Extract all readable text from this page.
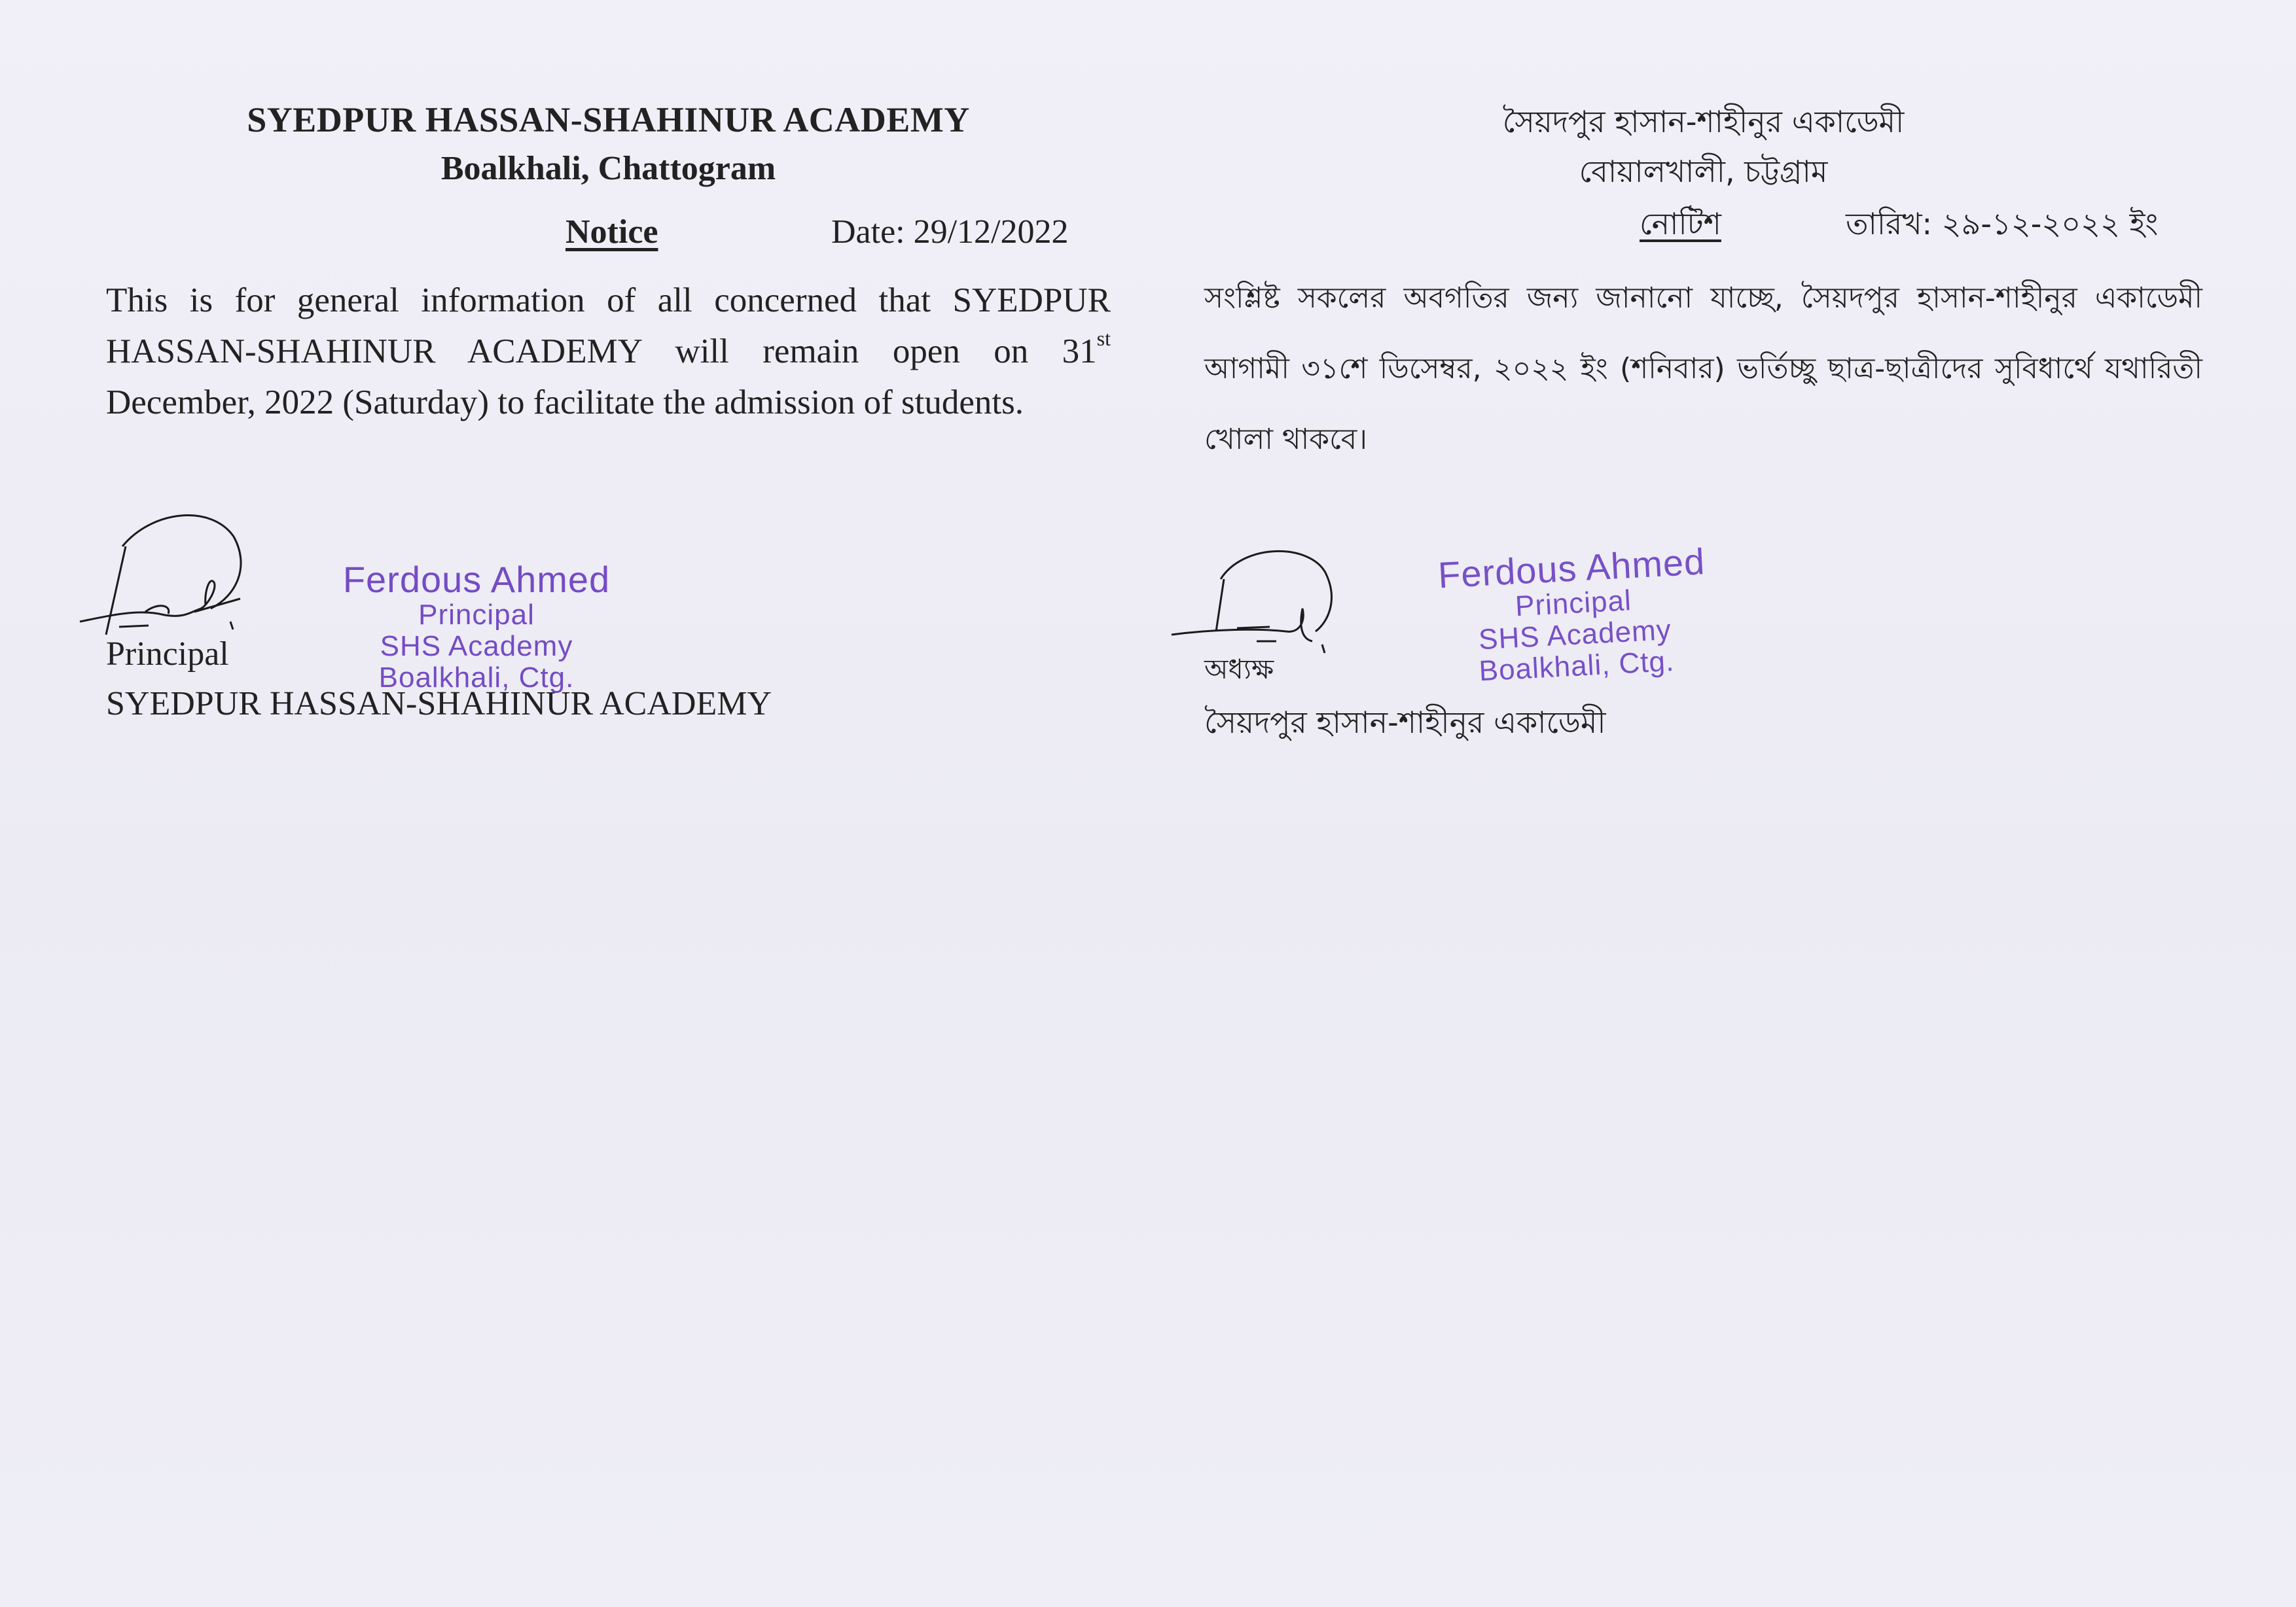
SYEDPUR HASSAN-SHAHINUR ACADEMY
Boalkhali, Chattogram
Notice	Date: 29/12/2022
This is for general information of all concerned that SYEDPUR HASSAN-SHAHINUR ACADEMY will remain open on 31st December, 2022 (Saturday) to facilitate the admission of students.
Principal
SYEDPUR HASSAN-SHAHINUR ACADEMY
Ferdous Ahmed
Principal
SHS Academy
Boalkhali, Ctg.
সৈয়দপুর হাসান-শাহীনুর একাডেমী
বোয়ালখালী, চট্টগ্রাম
নোটিশ	তারিখ: ২৯-১২-২০২২ ইং
সংশ্লিষ্ট সকলের অবগতির জন্য জানানো যাচ্ছে, সৈয়দপুর হাসান-শাহীনুর একাডেমী আগামী ৩১শে ডিসেম্বর, ২০২২ ইং (শনিবার) ভর্তিচ্ছু ছাত্র-ছাত্রীদের সুবিধার্থে যথারিতী খোলা থাকবে।
অধ্যক্ষ
সৈয়দপুর হাসান-শাহীনুর একাডেমী
Ferdous Ahmed
Principal
SHS Academy
Boalkhali, Ctg.
